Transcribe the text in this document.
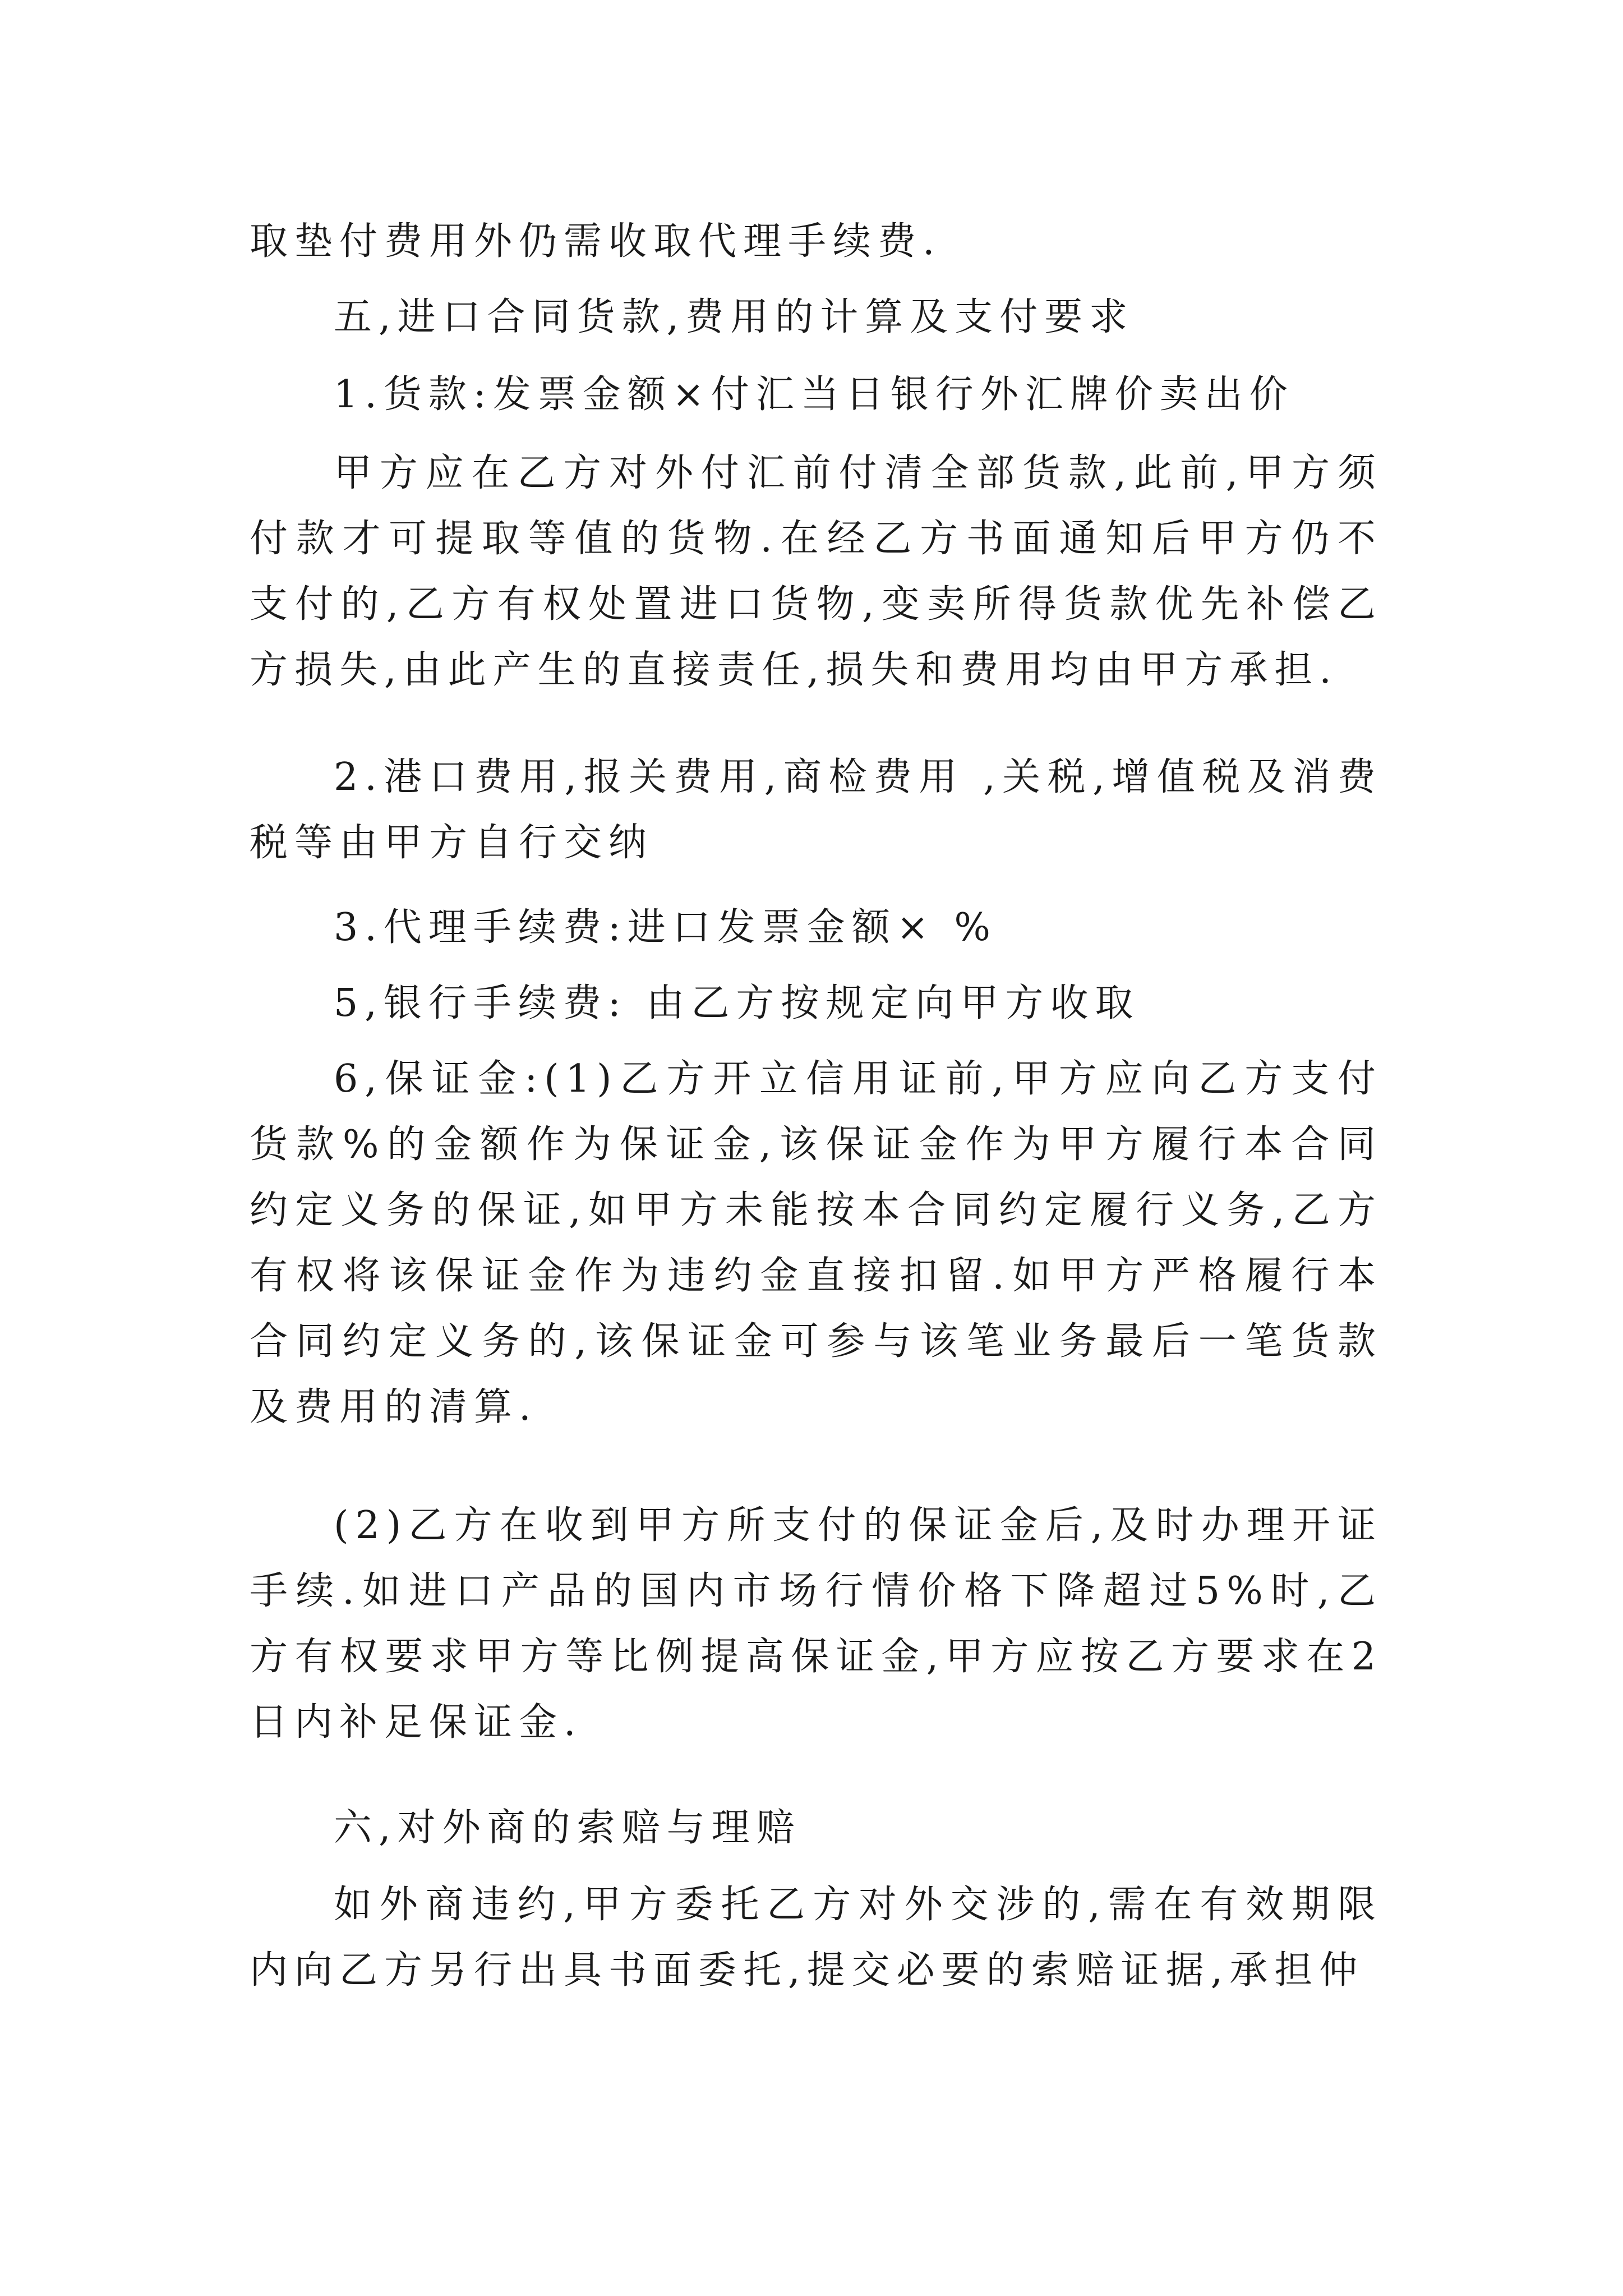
取垫付费用外仍需收取代理手续费.

五,进口合同货款,费用的计算及支付要求

1.货款:发票金额×付汇当日银行外汇牌价卖出价

甲方应在乙方对外付汇前付清全部货款,此前,甲方须付款才可提取等值的货物.在经乙方书面通知后甲方仍不支付的,乙方有权处置进口货物,变卖所得货款优先补偿乙方损失,由此产生的直接责任,损失和费用均由甲方承担.

2.港口费用,报关费用,商检费用 ,关税,增值税及消费税等由甲方自行交纳

3.代理手续费:进口发票金额× %

5,银行手续费: 由乙方按规定向甲方收取

6,保证金:(1)乙方开立信用证前,甲方应向乙方支付货款%的金额作为保证金,该保证金作为甲方履行本合同约定义务的保证,如甲方未能按本合同约定履行义务,乙方有权将该保证金作为违约金直接扣留.如甲方严格履行本合同约定义务的,该保证金可参与该笔业务最后一笔货款及费用的清算.

(2)乙方在收到甲方所支付的保证金后,及时办理开证手续.如进口产品的国内市场行情价格下降超过5%时,乙方有权要求甲方等比例提高保证金,甲方应按乙方要求在2日内补足保证金.

六,对外商的索赔与理赔

如外商违约,甲方委托乙方对外交涉的,需在有效期限内向乙方另行出具书面委托,提交必要的索赔证据,承担仲
